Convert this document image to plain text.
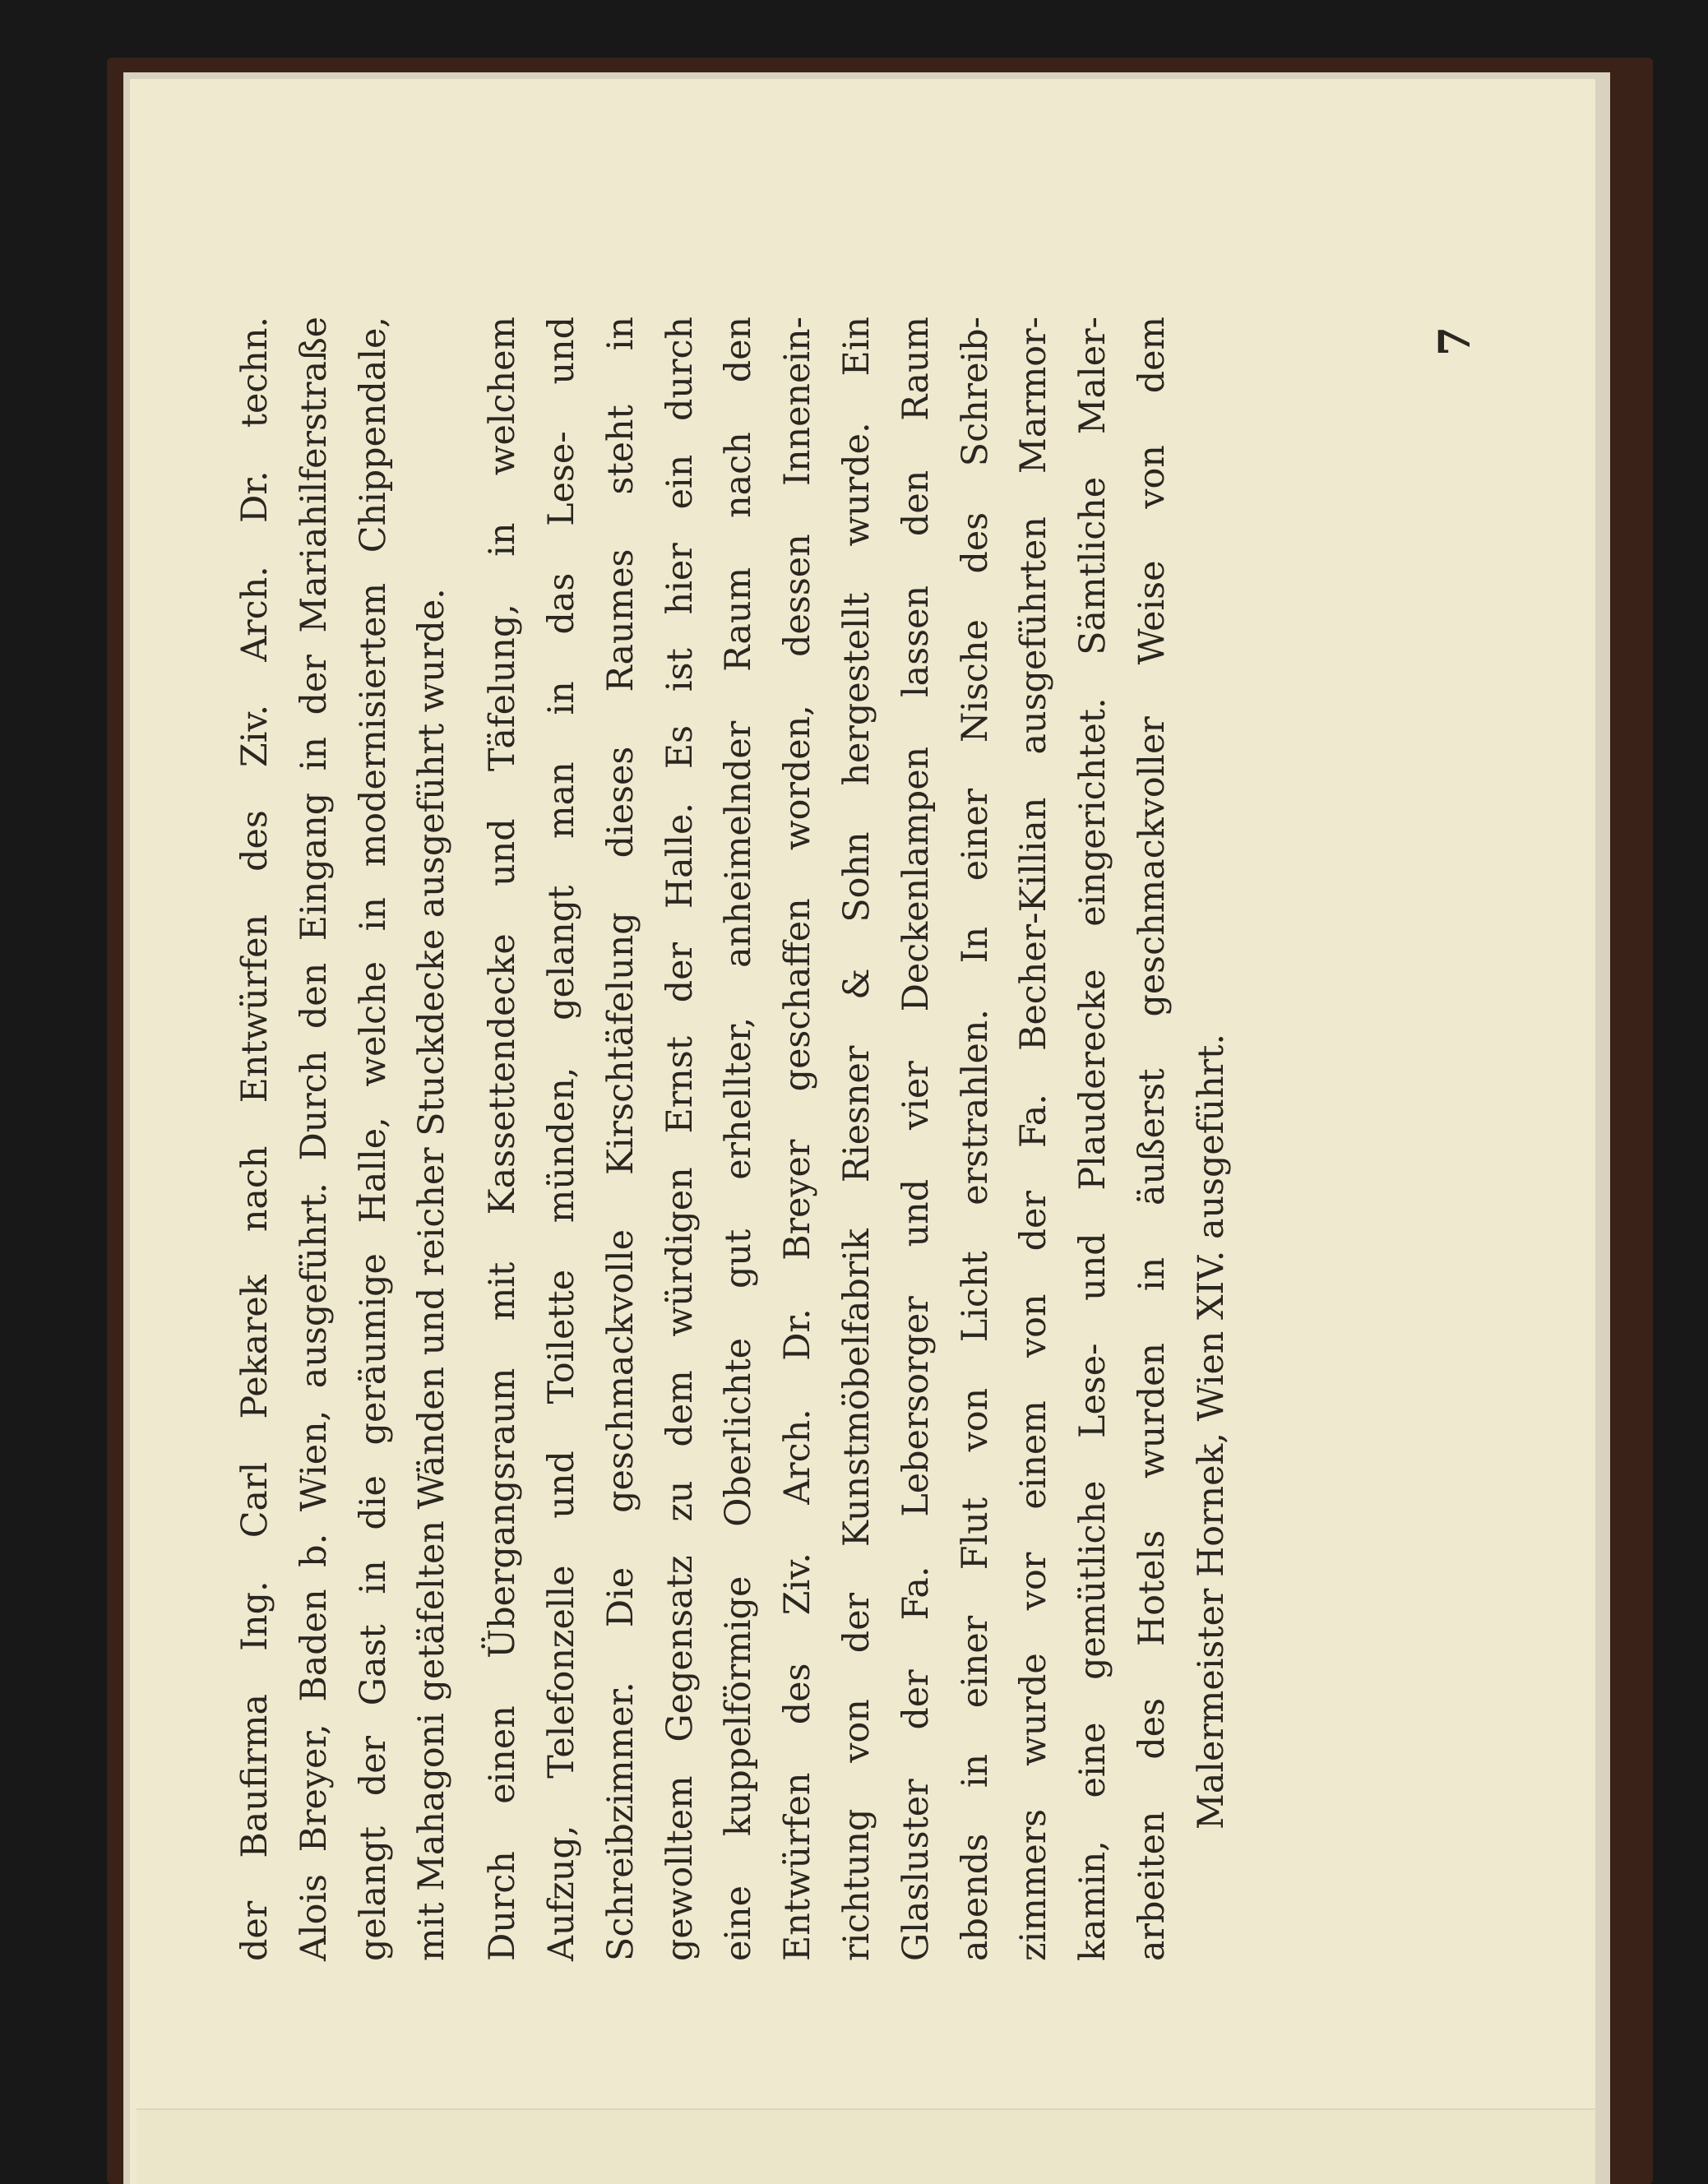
der Baufirma Ing. Carl Pekarek nach Entwürfen des Ziv. Arch. Dr. techn. Alois Breyer, Baden b. Wien, ausgeführt. Durch den Eingang in der Mariahilferstraße gelangt der Gast in die geräumige Halle, welche in modernisiertem Chippendale, mit Mahagoni getäfelten Wänden und reicher Stuckdecke ausgeführt wurde. Durch einen Übergangsraum mit Kassettendecke und Täfelung, in welchem Aufzug, Telefonzelle und Toilette münden, gelangt man in das Lese- und Schreibzimmer. Die geschmackvolle Kirschtäfelung dieses Raumes steht in gewolltem Gegensatz zu dem würdigen Ernst der Halle. Es ist hier ein durch eine kuppelförmige Oberlichte gut erhellter, anheimelnder Raum nach den Entwürfen des Ziv. Arch. Dr. Breyer geschaffen worden, dessen Innenein- richtung von der Kunstmöbelfabrik Riesner & Sohn hergestellt wurde. Ein Glasluster der Fa. Lebersorger und vier Deckenlampen lassen den Raum abends in einer Flut von Licht erstrahlen. In einer Nische des Schreib- zimmers wurde vor einem von der Fa. Becher-Killian ausgeführten Marmor- kamin, eine gemütliche Lese- und Plauderecke eingerichtet. Sämtliche Maler- arbeiten des Hotels wurden in äußerst geschmackvoller Weise von dem Malermeister Hornek, Wien XIV. ausgeführt.
7
